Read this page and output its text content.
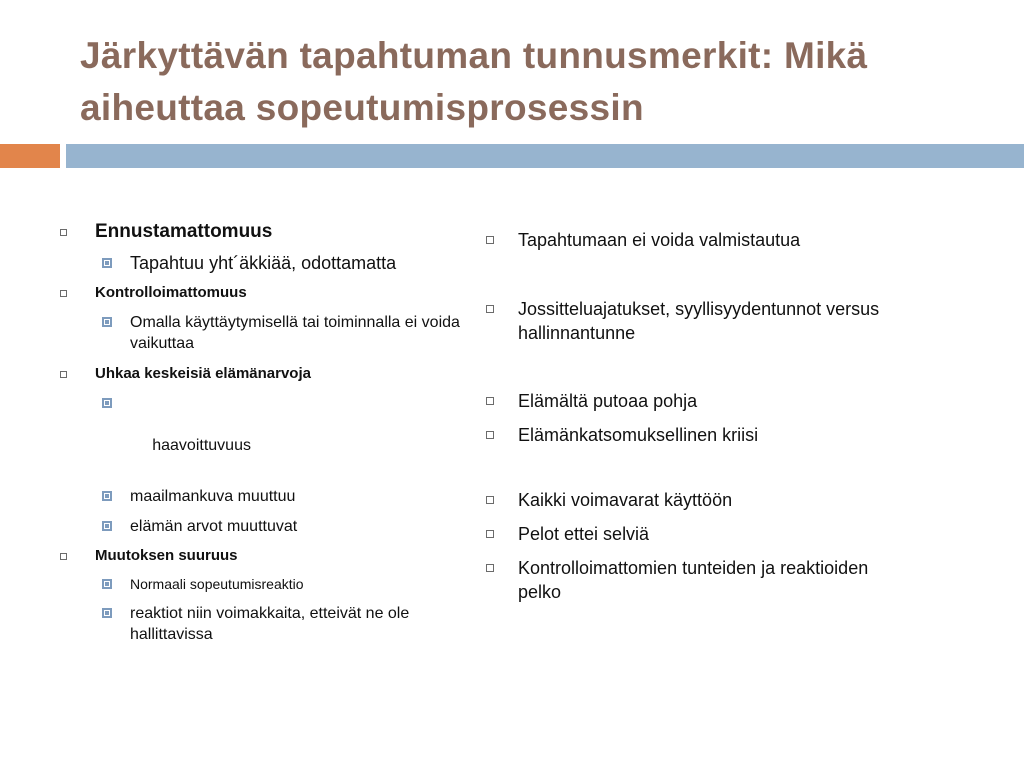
Järkyttävän tapahtuman tunnusmerkit: Mikä
aiheuttaa sopeutumisprosessin
Ennustamattomuus
Tapahtuu yht´äkkiää, odottamatta
Kontrolloimattomuus
Omalla käyttäytymisellä tai toiminnalla ei voida vaikuttaa
Uhkaa keskeisiä elämänarvoja

haavoittuvuus

maailmankuva muuttuu
elämän arvot muuttuvat
Muutoksen suuruus
Normaali sopeutumisreaktio
reaktiot niin voimakkaita, etteivät ne ole hallittavissa
Tapahtumaan ei voida valmistautua
Jossitteluajatukset, syyllisyydentunnot versus hallinnantunne
Elämältä putoaa pohja
Elämänkatsomuksellinen kriisi
Kaikki voimavarat käyttöön
Pelot ettei selviä
Kontrolloimattomien tunteiden ja reaktioiden pelko
